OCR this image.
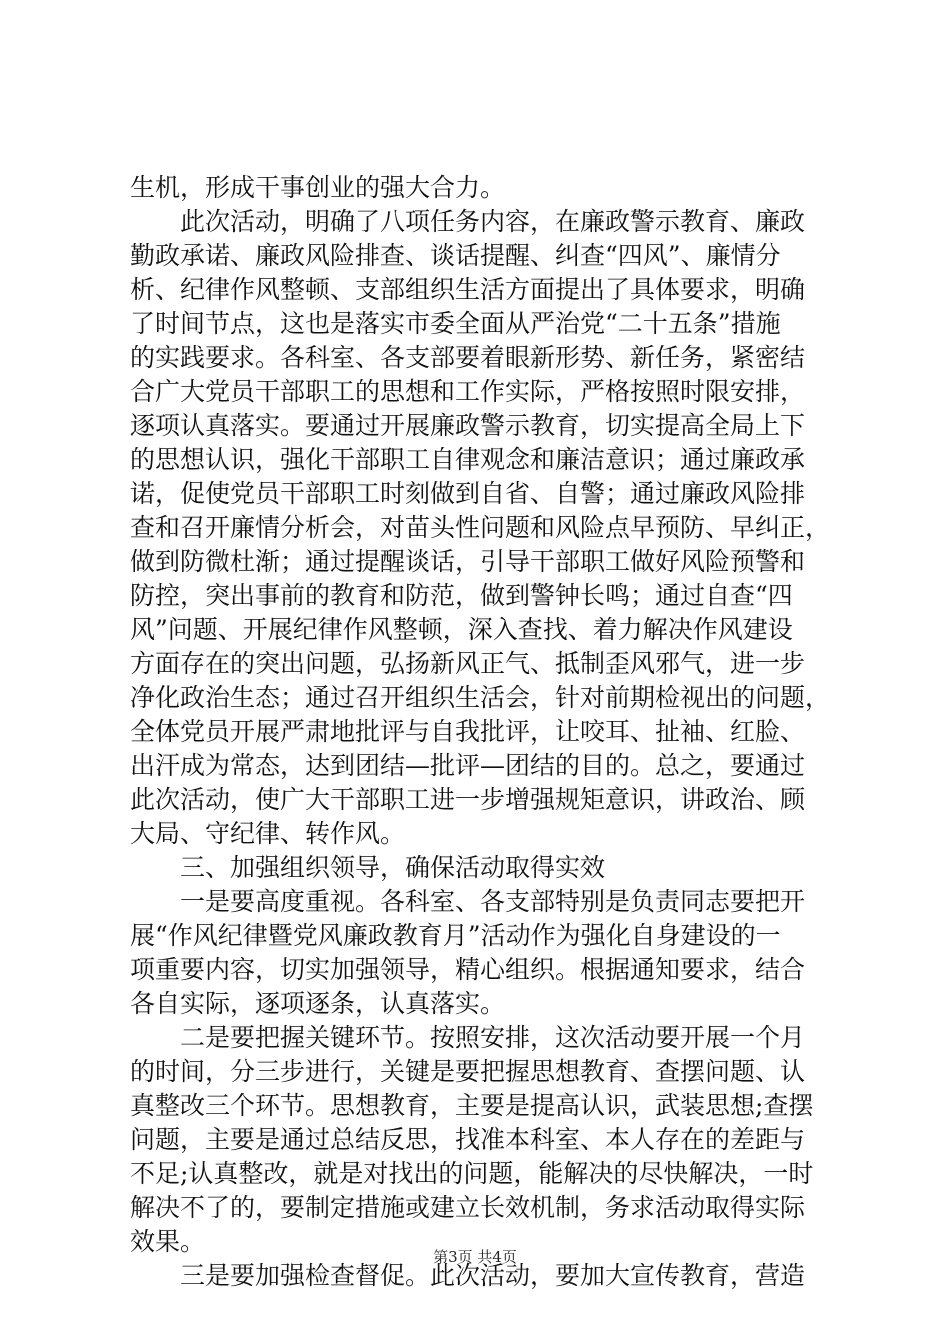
生机，形成干事创业的强大合力。
　　此次活动，明确了八项任务内容，在廉政警示教育、廉政
勤政承诺、廉政风险排查、谈话提醒、纠查“四风”、廉情分
析、纪律作风整顿、支部组织生活方面提出了具体要求，明确
了时间节点，这也是落实市委全面从严治党“二十五条”措施
的实践要求。各科室、各支部要着眼新形势、新任务，紧密结
合广大党员干部职工的思想和工作实际，严格按照时限安排，
逐项认真落实。要通过开展廉政警示教育，切实提高全局上下
的思想认识，强化干部职工自律观念和廉洁意识；通过廉政承
诺，促使党员干部职工时刻做到自省、自警；通过廉政风险排
查和召开廉情分析会，对苗头性问题和风险点早预防、早纠正，
做到防微杜渐；通过提醒谈话，引导干部职工做好风险预警和
防控，突出事前的教育和防范，做到警钟长鸣；通过自查“四
风”问题、开展纪律作风整顿，深入查找、着力解决作风建设
方面存在的突出问题，弘扬新风正气、抵制歪风邪气，进一步
净化政治生态；通过召开组织生活会，针对前期检视出的问题，
全体党员开展严肃地批评与自我批评，让咬耳、扯袖、红脸、
出汗成为常态，达到团结—批评—团结的目的。总之，要通过
此次活动，使广大干部职工进一步增强规矩意识，讲政治、顾
大局、守纪律、转作风。
　　三、加强组织领导，确保活动取得实效
　　一是要高度重视。各科室、各支部特别是负责同志要把开
展“作风纪律暨党风廉政教育月”活动作为强化自身建设的一
项重要内容，切实加强领导，精心组织。根据通知要求，结合
各自实际，逐项逐条，认真落实。
　　二是要把握关键环节。按照安排，这次活动要开展一个月
的时间，分三步进行，关键是要把握思想教育、查摆问题、认
真整改三个环节。思想教育，主要是提高认识，武装思想;查摆
问题，主要是通过总结反思，找准本科室、本人存在的差距与
不足;认真整改，就是对找出的问题，能解决的尽快解决，一时
解决不了的，要制定措施或建立长效机制，务求活动取得实际
效果。
　　三是要加强检查督促。此次活动，要加大宣传教育，营造
第3页 共4页
